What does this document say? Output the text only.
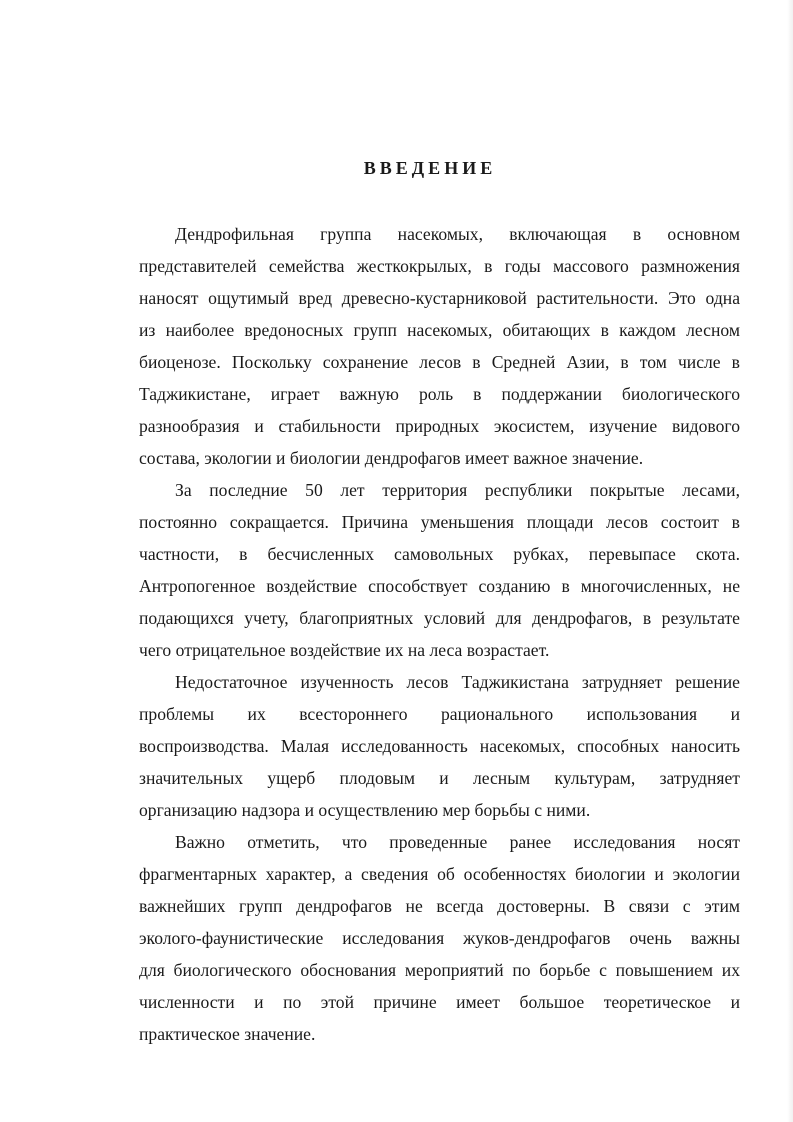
ВВЕДЕНИЕ
Дендрофильная группа насекомых, включающая в основном
представителей семейства жесткокрылых, в годы массового размножения
наносят ощутимый вред древесно-кустарниковой растительности. Это одна
из наиболее вредоносных групп насекомых, обитающих в каждом лесном
биоценозе. Поскольку сохранение лесов в Средней Азии, в том числе в
Таджикистане, играет важную роль в поддержании биологического
разнообразия и стабильности природных экосистем, изучение видового
состава, экологии и биологии дендрофагов имеет важное значение.
За последние 50 лет территория республики покрытые лесами,
постоянно сокращается. Причина уменьшения площади лесов состоит в
частности, в бесчисленных самовольных рубках, перевыпасе скота.
Антропогенное воздействие способствует созданию в многочисленных, не
подающихся учету, благоприятных условий для дендрофагов, в результате
чего отрицательное воздействие их на леса возрастает.
Недостаточное изученность лесов Таджикистана затрудняет решение
проблемы их всестороннего рационального использования и
воспроизводства. Малая исследованность насекомых, способных наносить
значительных ущерб плодовым и лесным культурам, затрудняет
организацию надзора и осуществлению мер борьбы с ними.
Важно отметить, что проведенные ранее исследования носят
фрагментарных характер, а сведения об особенностях биологии и экологии
важнейших групп дендрофагов не всегда достоверны. В связи с этим
эколого-фаунистические исследования жуков-дендрофагов очень важны
для биологического обоснования мероприятий по борьбе с повышением их
численности и по этой причине имеет большое теоретическое и
практическое значение.
